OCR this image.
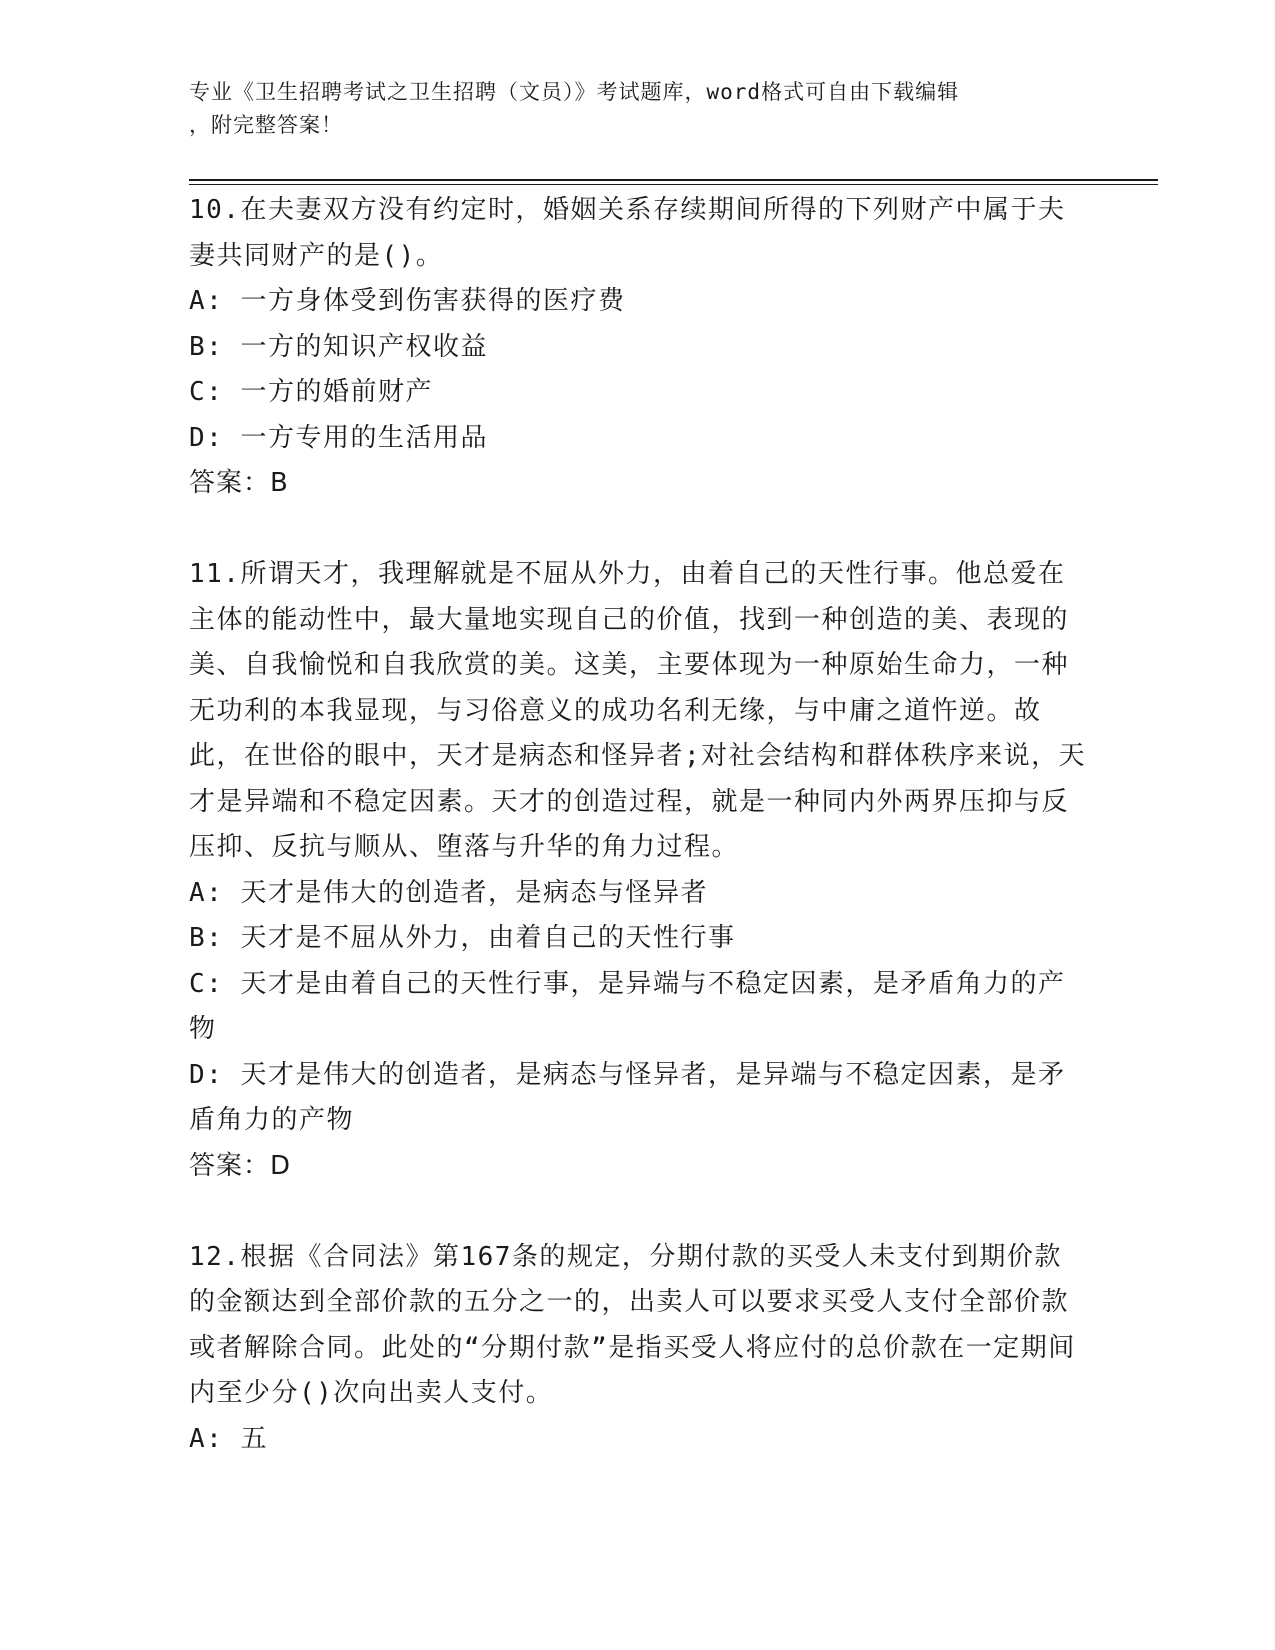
专业《卫生招聘考试之卫生招聘（文员）》考试题库，word格式可自由下载编辑
，附完整答案！

10.在夫妻双方没有约定时，婚姻关系存续期间所得的下列财产中属于夫妻共同财产的是()。

A: 一方身体受到伤害获得的医疗费

B: 一方的知识产权收益

C: 一方的婚前财产

D: 一方专用的生活用品

答案：B

11.所谓天才，我理解就是不屈从外力，由着自己的天性行事。他总爱在主体的能动性中，最大量地实现自己的价值，找到一种创造的美、表现的美、自我愉悦和自我欣赏的美。这美，主要体现为一种原始生命力，一种无功利的本我显现，与习俗意义的成功名利无缘，与中庸之道忤逆。故此，在世俗的眼中，天才是病态和怪异者;对社会结构和群体秩序来说，天才是异端和不稳定因素。天才的创造过程，就是一种同内外两界压抑与反压抑、反抗与顺从、堕落与升华的角力过程。

A: 天才是伟大的创造者，是病态与怪异者

B: 天才是不屈从外力，由着自己的天性行事

C: 天才是由着自己的天性行事，是异端与不稳定因素，是矛盾角力的产物

D: 天才是伟大的创造者，是病态与怪异者，是异端与不稳定因素，是矛盾角力的产物

答案：D

12.根据《合同法》第167条的规定，分期付款的买受人未支付到期价款的金额达到全部价款的五分之一的，出卖人可以要求买受人支付全部价款或者解除合同。此处的“分期付款”是指买受人将应付的总价款在一定期间内至少分()次向出卖人支付。

A: 五
